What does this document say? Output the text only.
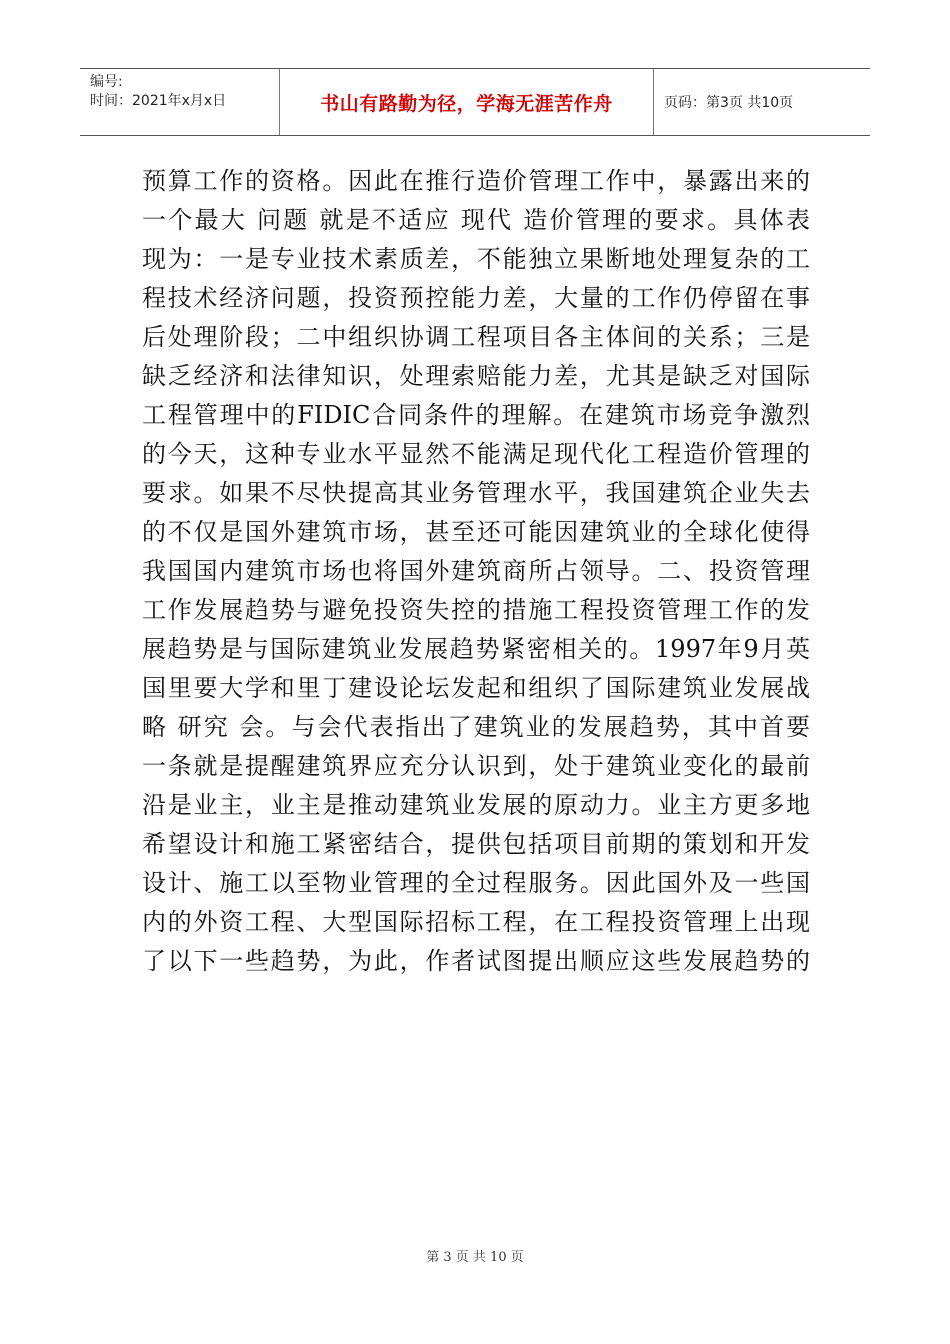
编号:
时间：2021年x月x日	书山有路勤为径，学海无涯苦作舟	页码：第3页 共10页
预算工作的资格。因此在推行造价管理工作中，暴露出来的
一个最大 问题 就是不适应 现代 造价管理的要求。具体表
现为：一是专业技术素质差，不能独立果断地处理复杂的工
程技术经济问题，投资预控能力差，大量的工作仍停留在事
后处理阶段；二中组织协调工程项目各主体间的关系；三是
缺乏经济和法律知识，处理索赔能力差，尤其是缺乏对国际
工程管理中的FIDIC合同条件的理解。在建筑市场竞争激烈
的今天，这种专业水平显然不能满足现代化工程造价管理的
要求。如果不尽快提高其业务管理水平，我国建筑企业失去
的不仅是国外建筑市场，甚至还可能因建筑业的全球化使得
我国国内建筑市场也将国外建筑商所占领导。二、投资管理
工作发展趋势与避免投资失控的措施工程投资管理工作的发
展趋势是与国际建筑业发展趋势紧密相关的。1997年9月英
国里要大学和里丁建设论坛发起和组织了国际建筑业发展战
略 研究 会。与会代表指出了建筑业的发展趋势，其中首要
一条就是提醒建筑界应充分认识到，处于建筑业变化的最前
沿是业主，业主是推动建筑业发展的原动力。业主方更多地
希望设计和施工紧密结合，提供包括项目前期的策划和开发
设计、施工以至物业管理的全过程服务。因此国外及一些国
内的外资工程、大型国际招标工程，在工程投资管理上出现
了以下一些趋势，为此，作者试图提出顺应这些发展趋势的
第 3 页 共 10 页
